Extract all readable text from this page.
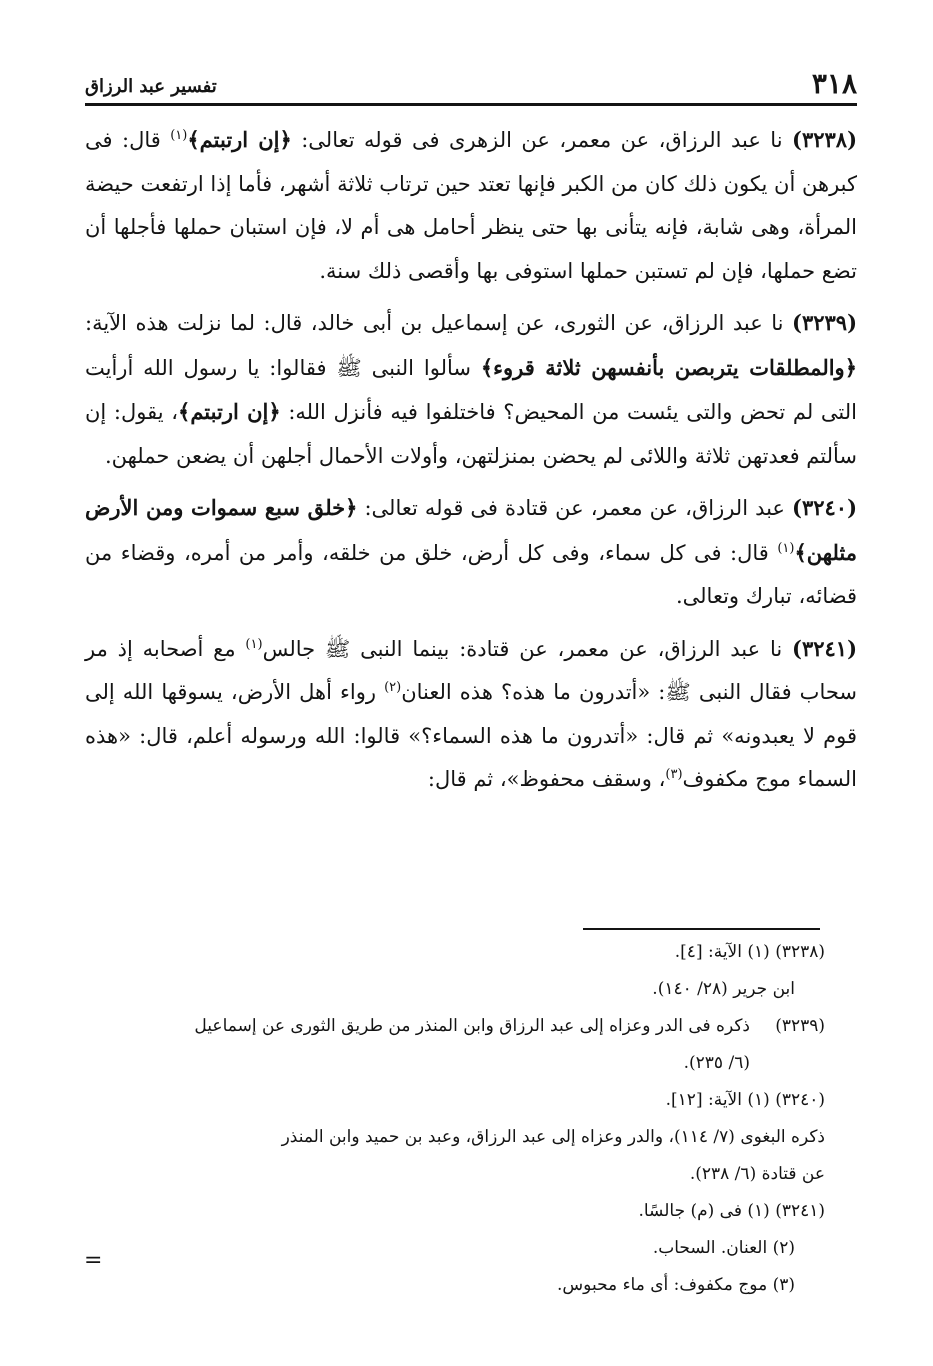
٣١٨
تفسير عبد الرزاق

(٣٢٣٨) نا عبد الرزاق، عن معمر، عن الزهرى فى قوله تعالى: ﴿إن ارتبتم﴾$^{(١)}$ قال: فى كبرهن أن يكون ذلك كان من الكبر فإنها تعتد حين ترتاب ثلاثة أشهر، فأما إذا ارتفعت حيضة المرأة، وهى شابة، فإنه يتأنى بها حتى ينظر أحامل هى أم لا، فإن استبان حملها فأجلها أن تضع حملها، فإن لم تستبن حملها استوفى بها وأقصى ذلك سنة.

(٣٢٣٩) نا عبد الرزاق، عن الثورى، عن إسماعيل بن أبى خالد، قال: لما نزلت هذه الآية: ﴿والمطلقات يتربصن بأنفسهن ثلاثة قروء﴾ سألوا النبى ﷺ فقالوا: يا رسول الله أرأيت التى لم تحض والتى يئست من المحيض؟ فاختلفوا فيه فأنزل الله: ﴿إن ارتبتم﴾، يقول: إن سألتم فعدتهن ثلاثة واللائى لم يحضن بمنزلتهن، وأولات الأحمال أجلهن أن يضعن حملهن.

(٣٢٤٠) عبد الرزاق، عن معمر، عن قتادة فى قوله تعالى: ﴿خلق سبع سموات ومن الأرض مثلهن﴾$^{(١)}$ قال: فى كل سماء، وفى كل أرض، خلق من خلقه، وأمر من أمره، وقضاء من قضائه، تبارك وتعالى.

(٣٢٤١) نا عبد الرزاق، عن معمر، عن قتادة: بينما النبى ﷺ جالس$^{(١)}$ مع أصحابه إذ مر سحاب فقال النبى ﷺ: «أتدرون ما هذه؟ هذه العنان$^{(٢)}$ رواء أهل الأرض، يسوقها الله إلى قوم لا يعبدونه» ثم قال: «أتدرون ما هذه السماء؟» قالوا: الله ورسوله أعلم، قال: «هذه السماء موج مكفوف$^{(٣)}$، وسقف محفوظ»، ثم قال:

(٣٢٣٨) (١) الآية: [٤].
ابن جرير (٢٨/ ١٤٠).
(٣٢٣٩)ذكره فى الدر وعزاه إلى عبد الرزاق وابن المنذر من طريق الثورى عن إسماعيل
(٦/ ٢٣٥).
(٣٢٤٠) (١) الآية: [١٢].
ذكره البغوى (٧/ ١١٤)، والدر وعزاه إلى عبد الرزاق، وعبد بن حميد وابن المنذر
عن قتادة (٦/ ٢٣٨).
(٣٢٤١) (١) فى (م) جالسًا.
(٢) العنان. السحاب.
(٣) موج مكفوف: أى ماء محبوس.
=
